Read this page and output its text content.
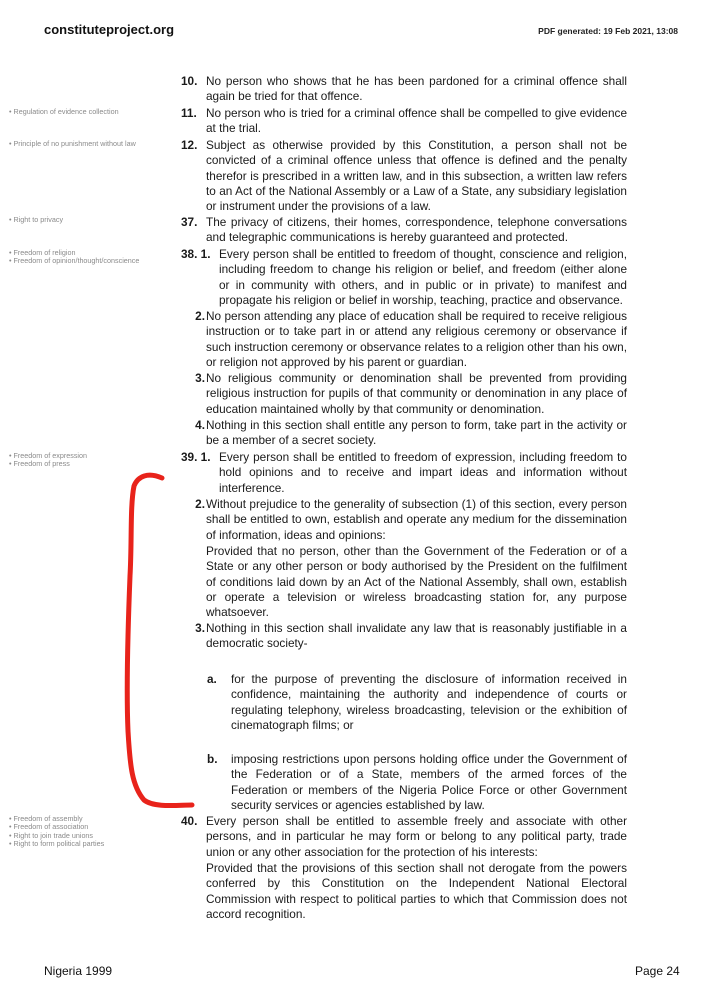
constituteproject.org	PDF generated: 19 Feb 2021, 13:08
• Regulation of evidence collection
• Principle of no punishment without law
• Right to privacy
• Freedom of religion
• Freedom of opinion/thought/conscience
• Freedom of expression
• Freedom of press
• Freedom of assembly
• Freedom of association
• Right to join trade unions
• Right to form political parties
10. No person who shows that he has been pardoned for a criminal offence shall again be tried for that offence.

11. No person who is tried for a criminal offence shall be compelled to give evidence at the trial.

12. Subject as otherwise provided by this Constitution, a person shall not be convicted of a criminal offence unless that offence is defined and the penalty therefor is prescribed in a written law, and in this subsection, a written law refers to an Act of the National Assembly or a Law of a State, any subsidiary legislation or instrument under the provisions of a law.

37. The privacy of citizens, their homes, correspondence, telephone conversations and telegraphic communications is hereby guaranteed and protected.

38. 1. Every person shall be entitled to freedom of thought, conscience and religion, including freedom to change his religion or belief, and freedom (either alone or in community with others, and in public or in private) to manifest and propagate his religion or belief in worship, teaching, practice and observance.

2. No person attending any place of education shall be required to receive religious instruction or to take part in or attend any religious ceremony or observance if such instruction ceremony or observance relates to a religion other than his own, or religion not approved by his parent or guardian.

3. No religious community or denomination shall be prevented from providing religious instruction for pupils of that community or denomination in any place of education maintained wholly by that community or denomination.

4. Nothing in this section shall entitle any person to form, take part in the activity or be a member of a secret society.

39. 1. Every person shall be entitled to freedom of expression, including freedom to hold opinions and to receive and impart ideas and information without interference.

2. Without prejudice to the generality of subsection (1) of this section, every person shall be entitled to own, establish and operate any medium for the dissemination of information, ideas and opinions:

Provided that no person, other than the Government of the Federation or of a State or any other person or body authorised by the President on the fulfilment of conditions laid down by an Act of the National Assembly, shall own, establish or operate a television or wireless broadcasting station for, any purpose whatsoever.

3. Nothing in this section shall invalidate any law that is reasonably justifiable in a democratic society-

a. for the purpose of preventing the disclosure of information received in confidence, maintaining the authority and independence of courts or regulating telephony, wireless broadcasting, television or the exhibition of cinematograph films; or
b. imposing restrictions upon persons holding office under the Government of the Federation or of a State, members of the armed forces of the Federation or members of the Nigeria Police Force or other Government security services or agencies established by law.
40. Every person shall be entitled to assemble freely and associate with other persons, and in particular he may form or belong to any political party, trade union or any other association for the protection of his interests:

Provided that the provisions of this section shall not derogate from the powers conferred by this Constitution on the Independent National Electoral Commission with respect to political parties to which that Commission does not accord recognition.

Nigeria 1999	Page 24
